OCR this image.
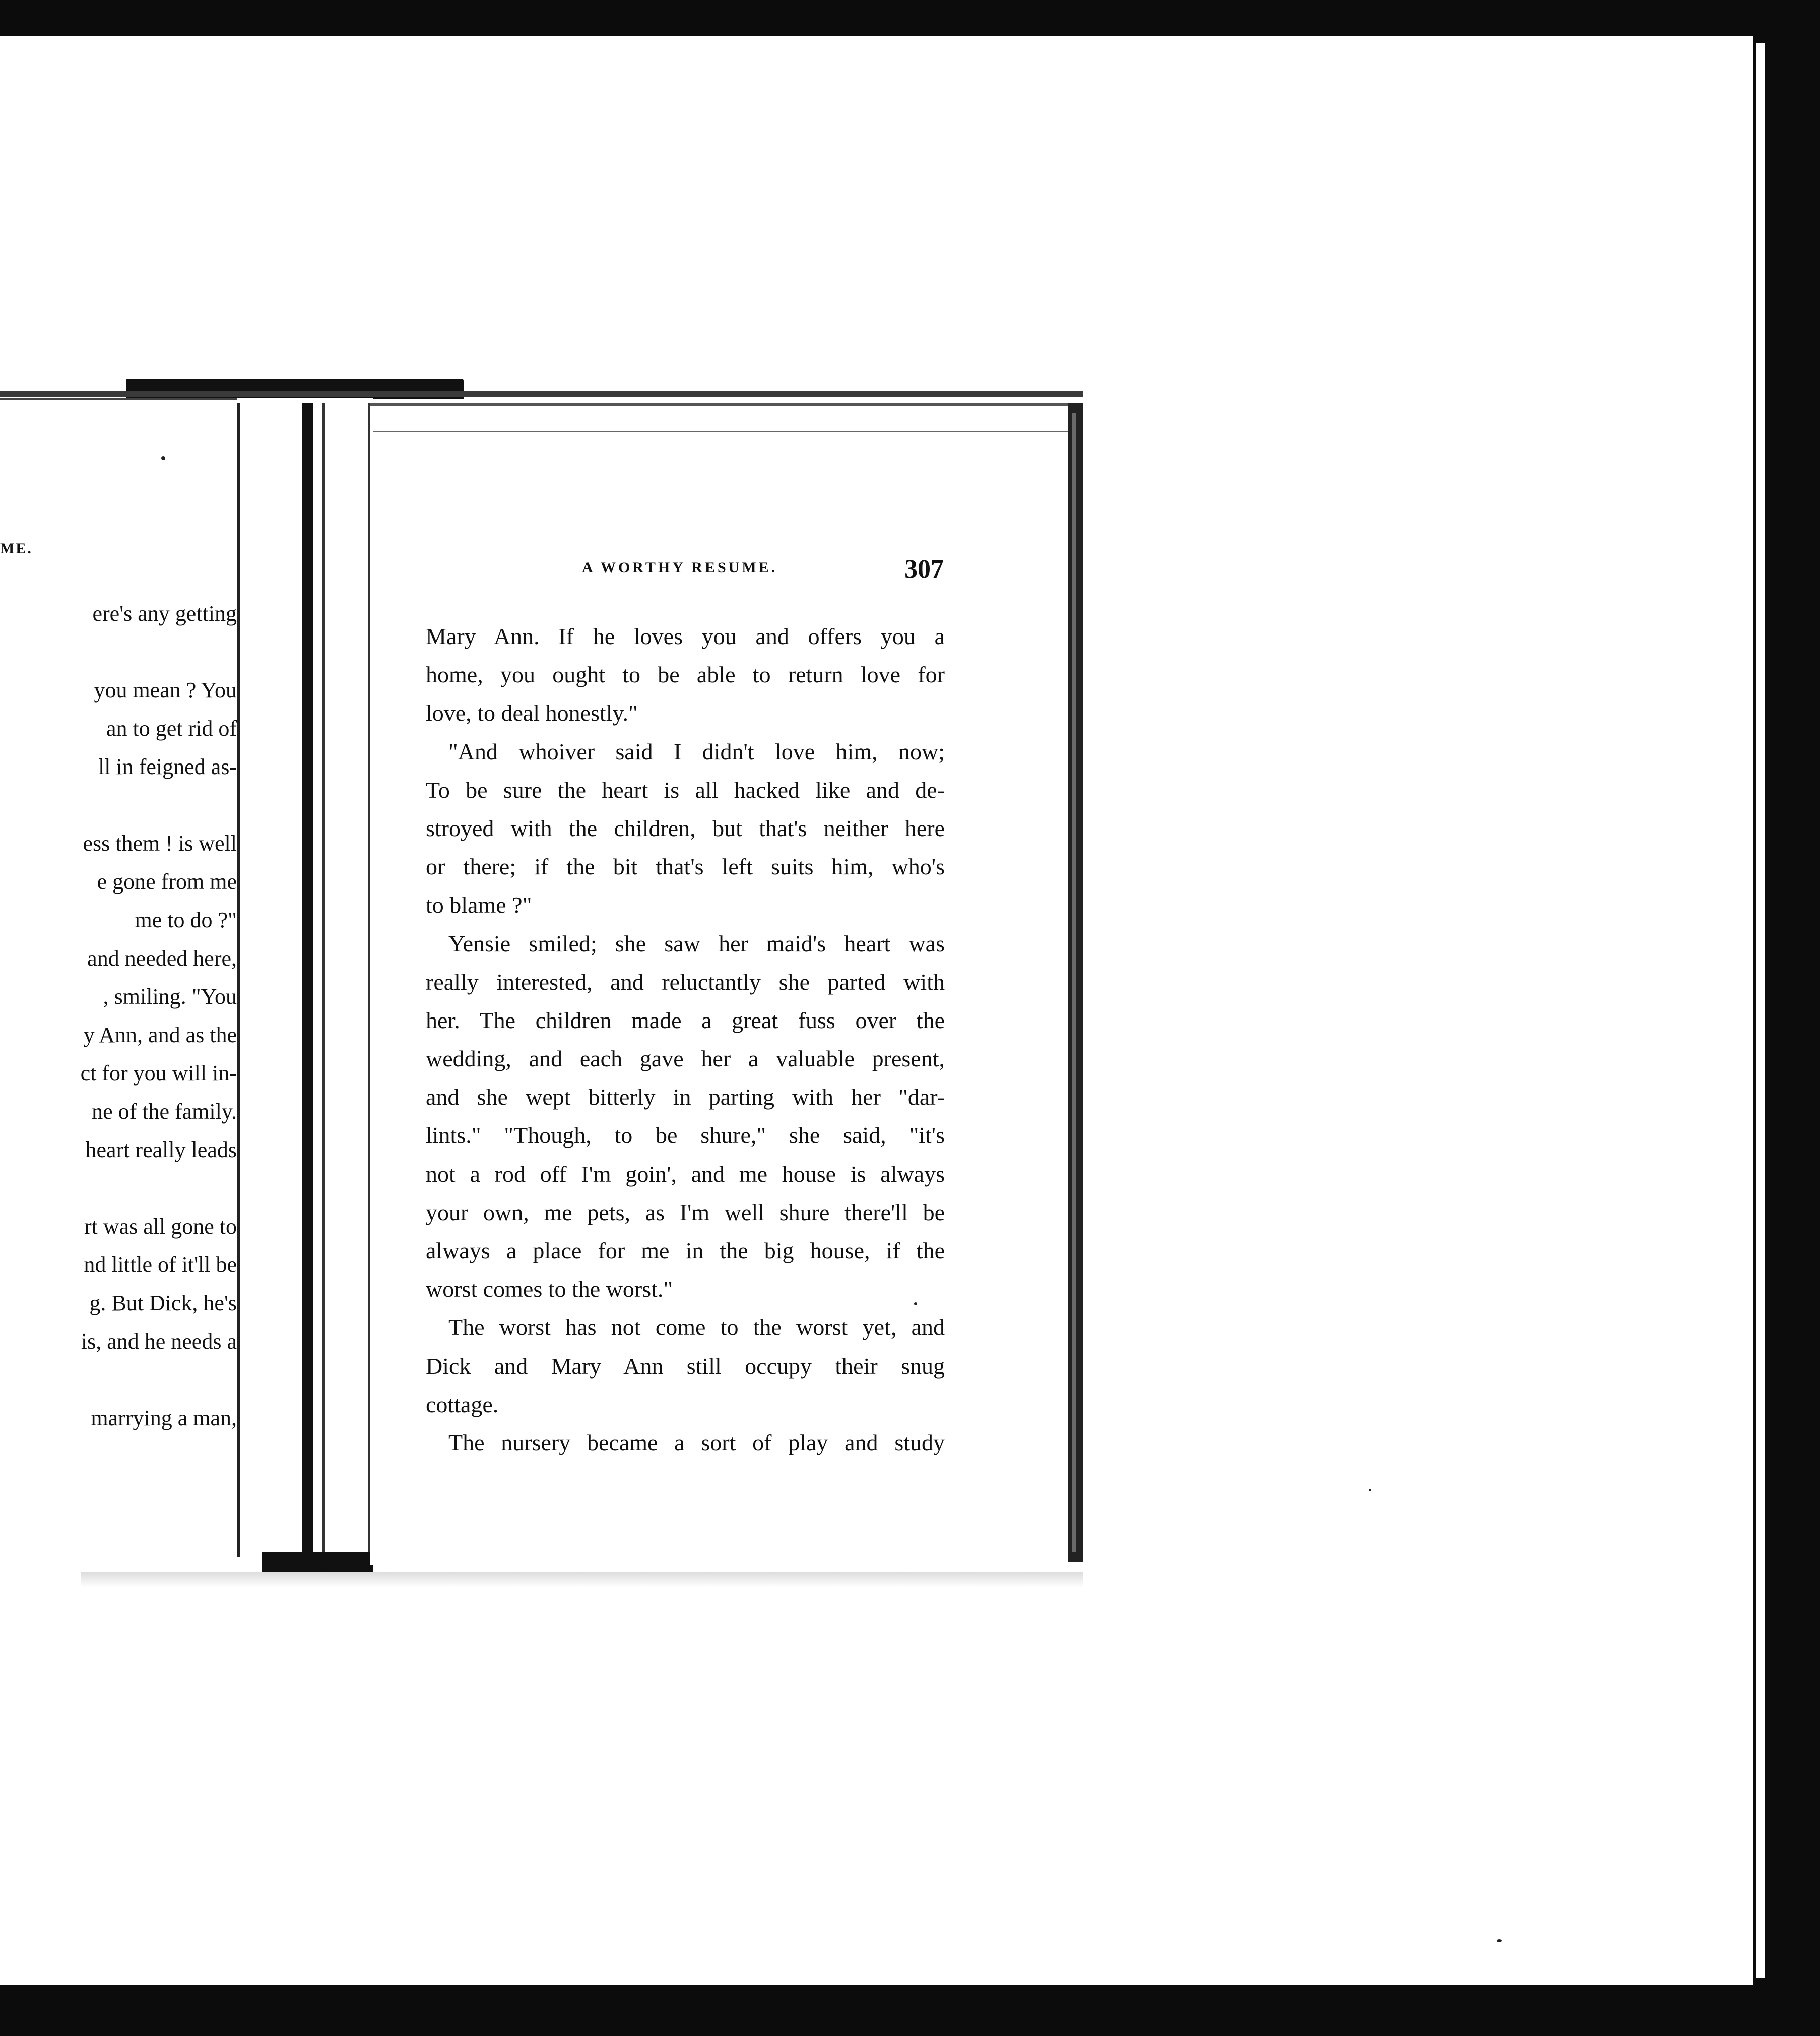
ME.
ere's any getting
you mean ? You
an to get rid of
ll in feigned as-
ess them ! is well
e gone from me
me to do ?"
and needed here,
, smiling. "You
y Ann, and as the
ct for you will in-
ne of the family.
heart really leads
rt was all gone to
nd little of it'll be
g. But Dick, he's
is, and he needs a
marrying a man,
A WORTHY RESUME.	307
Mary Ann. If he loves you and offers you a
home, you ought to be able to return love for
love, to deal honestly."
"And whoiver said I didn't love him, now;
To be sure the heart is all hacked like and de-
stroyed with the children, but that's neither here
or there; if the bit that's left suits him, who's
to blame ?"
Yensie smiled; she saw her maid's heart was
really interested, and reluctantly she parted with
her. The children made a great fuss over the
wedding, and each gave her a valuable present,
and she wept bitterly in parting with her "dar-
lints." "Though, to be shure," she said, "it's
not a rod off I'm goin', and me house is always
your own, me pets, as I'm well shure there'll be
always a place for me in the big house, if the
worst comes to the worst."
The worst has not come to the worst yet, and
Dick and Mary Ann still occupy their snug
cottage.
The nursery became a sort of play and study
